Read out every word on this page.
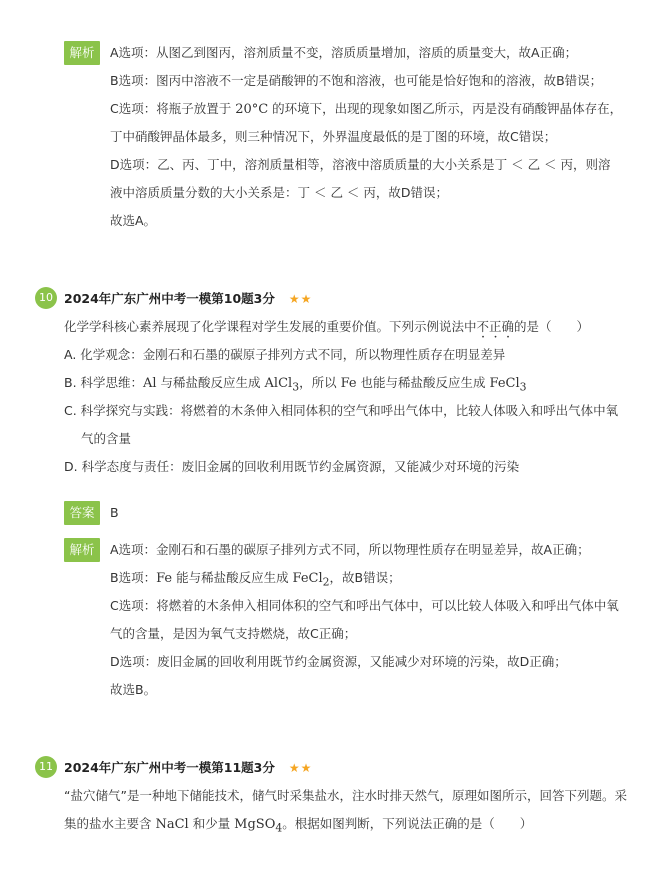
解析	A选项：从图乙到图丙，溶剂质量不变，溶质质量增加，溶质的质量变大，故A正确；
B选项：图丙中溶液不一定是硝酸钾的不饱和溶液，也可能是恰好饱和的溶液，故B错误；
C选项：将瓶子放置于 20°C 的环境下，出现的现象如图乙所示，丙是没有硝酸钾晶体存在，
丁中硝酸钾晶体最多，则三种情况下，外界温度最低的是丁图的环境，故C错误；
D选项：乙、丙、丁中，溶剂质量相等，溶液中溶质质量的大小关系是丁 ＜ 乙 ＜ 丙，则溶
液中溶质质量分数的大小关系是：丁 ＜ 乙 ＜ 丙，故D错误；
故选A。
10 2024年广东广州中考一模第10题3分 ★★
化学学科核心素养展现了化学课程对学生发展的重要价值。下列示例说法中不正确的是（　　）
A. 化学观念：金刚石和石墨的碳原子排列方式不同，所以物理性质存在明显差异
B. 科学思维：Al 与稀盐酸反应生成 AlCl$_3$，所以 Fe 也能与稀盐酸反应生成 FeCl$_3$
C. 科学探究与实践：将燃着的木条伸入相同体积的空气和呼出气体中，比较人体吸入和呼出气体中氧
气的含量
D. 科学态度与责任：废旧金属的回收利用既节约金属资源，又能减少对环境的污染
答案	B
解析	A选项：金刚石和石墨的碳原子排列方式不同，所以物理性质存在明显差异，故A正确；
B选项：Fe 能与稀盐酸反应生成 FeCl$_2$，故B错误；
C选项：将燃着的木条伸入相同体积的空气和呼出气体中，可以比较人体吸入和呼出气体中氧
气的含量，是因为氧气支持燃烧，故C正确；
D选项：废旧金属的回收利用既节约金属资源，又能减少对环境的污染，故D正确；
故选B。
11 2024年广东广州中考一模第11题3分 ★★
“盐穴储气”是一种地下储能技术，储气时采集盐水，注水时排天然气，原理如图所示，回答下列题。采
集的盐水主要含 NaCl 和少量 MgSO$_4$。根据如图判断，下列说法正确的是（　　）
